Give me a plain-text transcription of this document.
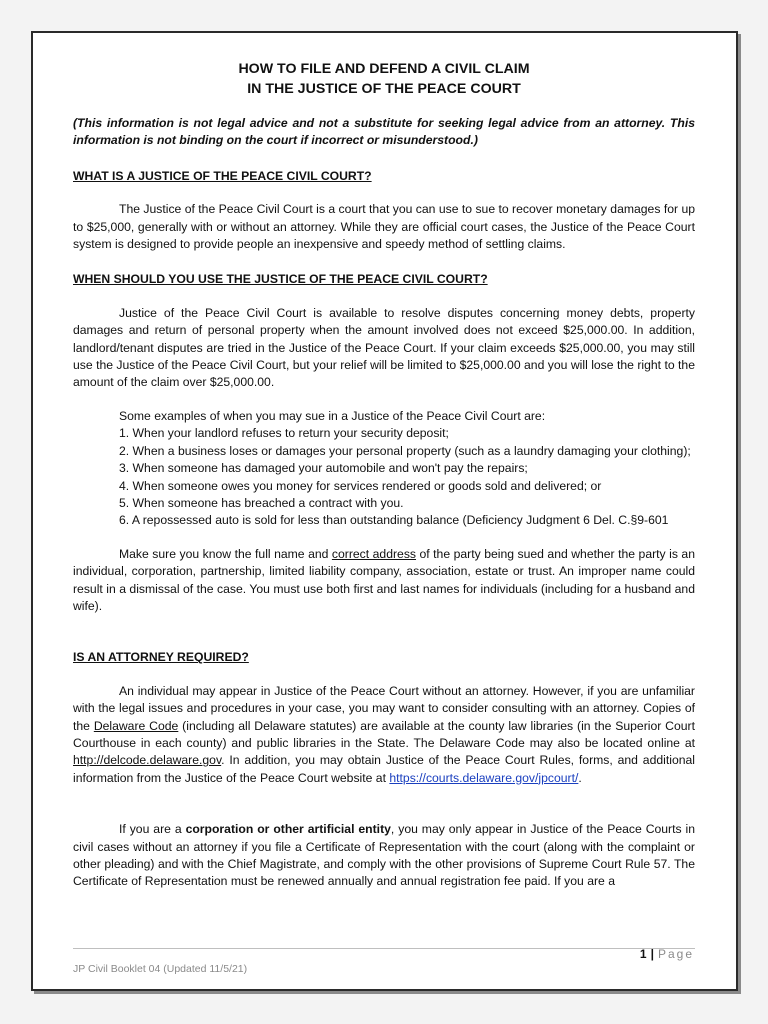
HOW TO FILE AND DEFEND A CIVIL CLAIM
IN THE JUSTICE OF THE PEACE COURT

(This information is not legal advice and not a substitute for seeking legal advice from an attorney. This information is not binding on the court if incorrect or misunderstood.)

WHAT IS A JUSTICE OF THE PEACE CIVIL COURT?

The Justice of the Peace Civil Court is a court that you can use to sue to recover monetary damages for up to $25,000, generally with or without an attorney. While they are official court cases, the Justice of the Peace Court system is designed to provide people an inexpensive and speedy method of settling claims.

WHEN SHOULD YOU USE THE JUSTICE OF THE PEACE CIVIL COURT?

Justice of the Peace Civil Court is available to resolve disputes concerning money debts, property damages and return of personal property when the amount involved does not exceed $25,000.00. In addition, landlord/tenant disputes are tried in the Justice of the Peace Court. If your claim exceeds $25,000.00, you may still use the Justice of the Peace Civil Court, but your relief will be limited to $25,000.00 and you will lose the right to the amount of the claim over $25,000.00.

Some examples of when you may sue in a Justice of the Peace Civil Court are:

1. When your landlord refuses to return your security deposit;
2. When a business loses or damages your personal property (such as a laundry damaging your clothing);
3. When someone has damaged your automobile and won't pay the repairs;
4. When someone owes you money for services rendered or goods sold and delivered; or
5. When someone has breached a contract with you.
6. A repossessed auto is sold for less than outstanding balance (Deficiency Judgment 6 Del. C.§9-601

Make sure you know the full name and correct address of the party being sued and whether the party is an individual, corporation, partnership, limited liability company, association, estate or trust. An improper name could result in a dismissal of the case. You must use both first and last names for individuals (including for a husband and wife).

IS AN ATTORNEY REQUIRED?

An individual may appear in Justice of the Peace Court without an attorney. However, if you are unfamiliar with the legal issues and procedures in your case, you may want to consider consulting with an attorney. Copies of the Delaware Code (including all Delaware statutes) are available at the county law libraries (in the Superior Court Courthouse in each county) and public libraries in the State. The Delaware Code may also be located online at http://delcode.delaware.gov. In addition, you may obtain Justice of the Peace Court Rules, forms, and additional information from the Justice of the Peace Court website at https://courts.delaware.gov/jpcourt/.

If you are a corporation or other artificial entity, you may only appear in Justice of the Peace Courts in civil cases without an attorney if you file a Certificate of Representation with the court (along with the complaint or other pleading) and with the Chief Magistrate, and comply with the other provisions of Supreme Court Rule 57. The Certificate of Representation must be renewed annually and annual registration fee paid. If you are a

1 | Page
JP Civil Booklet 04 (Updated 11/5/21)
